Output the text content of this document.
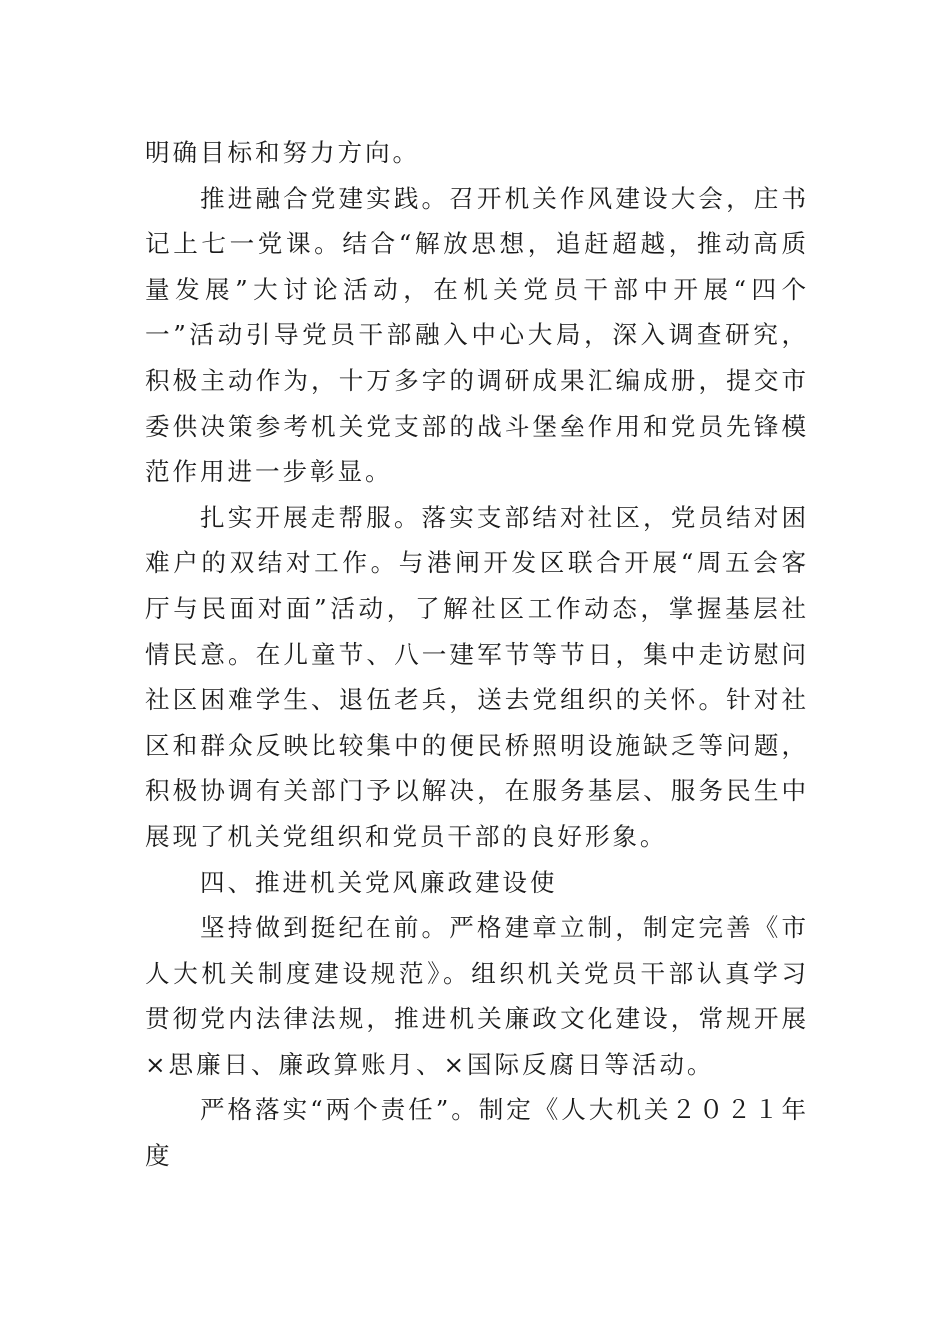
明确目标和努力方向。

推进融合党建实践。召开机关作风建设大会，庄书记上七一党课。结合“解放思想，追赶超越，推动高质量发展”大讨论活动，在机关党员干部中开展“四个一”活动引导党员干部融入中心大局，深入调查研究，积极主动作为，十万多字的调研成果汇编成册，提交市委供决策参考机关党支部的战斗堡垒作用和党员先锋模范作用进一步彰显。

扎实开展走帮服。落实支部结对社区，党员结对困难户的双结对工作。与港闸开发区联合开展“周五会客厅与民面对面”活动，了解社区工作动态，掌握基层社情民意。在儿童节、八一建军节等节日，集中走访慰问社区困难学生、退伍老兵，送去党组织的关怀。针对社区和群众反映比较集中的便民桥照明设施缺乏等问题，积极协调有关部门予以解决，在服务基层、服务民生中展现了机关党组织和党员干部的良好形象。

四、推进机关党风廉政建设使

坚持做到挺纪在前。严格建章立制，制定完善《市人大机关制度建设规范》。组织机关党员干部认真学习贯彻党内法律法规，推进机关廉政文化建设，常规开展×思廉日、廉政算账月、×国际反腐日等活动。

严格落实“两个责任”。制定《人大机关２０２１年度
